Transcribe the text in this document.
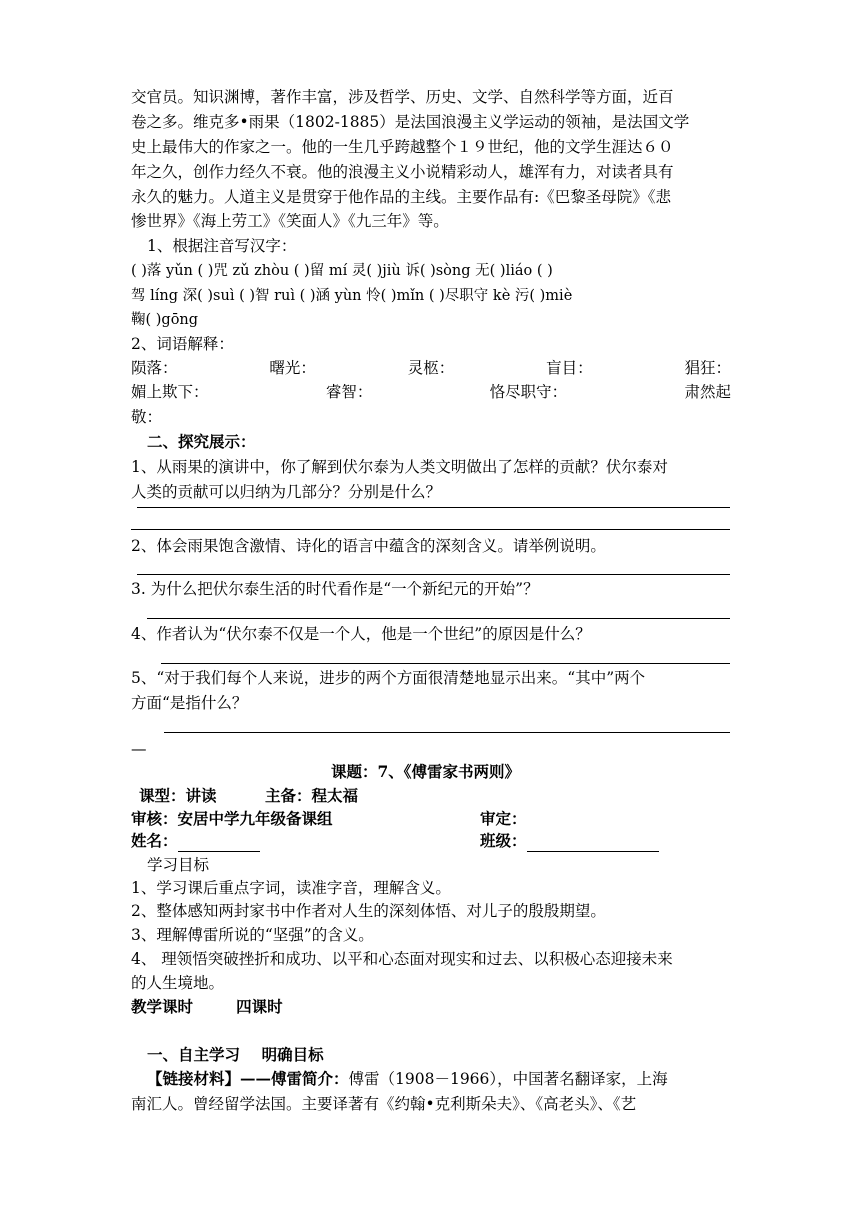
交官员。知识渊博，著作丰富，涉及哲学、历史、文学、自然科学等方面，近百
卷之多。维克多•雨果（1802-1885）是法国浪漫主义学运动的领袖，是法国文学
史上最伟大的作家之一。他的一生几乎跨越整个１９世纪，他的文学生涯达６０
年之久，创作力经久不衰。他的浪漫主义小说精彩动人，雄浑有力，对读者具有
永久的魅力。人道主义是贯穿于他作品的主线。主要作品有:《巴黎圣母院》《悲
惨世界》《海上劳工》《笑面人》《九三年》等。
1、根据注音写汉字：
( )落 yǔn ( )咒 zǔ zhòu ( )留 mí 灵( )jiù 诉( )sòng 无( )liáo ( )
驾 líng 深( )suì ( )智 ruì ( )涵 yùn 怜( )mǐn ( )尽职守 kè 污( )miè
鞠( )gōng
2、词语解释：
陨落：	曙光：	灵柩：	盲目：	猖狂：
媚上欺下：	睿智：	恪尽职守：	肃然起
敬：
二、探究展示：
1、从雨果的演讲中，你了解到伏尔泰为人类文明做出了怎样的贡献？伏尔泰对
人类的贡献可以归纳为几部分？分别是什么？
2、体会雨果饱含激情、诗化的语言中蕴含的深刻含义。请举例说明。
3. 为什么把伏尔泰生活的时代看作是“一个新纪元的开始”？
4、作者认为“伏尔泰不仅是一个人，他是一个世纪”的原因是什么？
5、“对于我们每个人来说，进步的两个方面很清楚地显示出来。“其中”两个
方面“是指什么？
—
课题：7、《傅雷家书两则》
课型：讲读	主备：程太福
审核：安居中学九年级备课组	审定：
姓名：	班级：
学习目标
1、学习课后重点字词，读准字音，理解含义。
2、整体感知两封家书中作者对人生的深刻体悟、对儿子的殷殷期望。
3、理解傅雷所说的“坚强”的含义。
4、 理领悟突破挫折和成功、以平和心态面对现实和过去、以积极心态迎接未来
的人生境地。
教学课时        四课时
一、自主学习    明确目标
【链接材料】——傅雷简介：傅雷（1908－1966），中国著名翻译家，上海
南汇人。曾经留学法国。主要译著有《约翰•克利斯朵夫》、《高老头》、《艺
